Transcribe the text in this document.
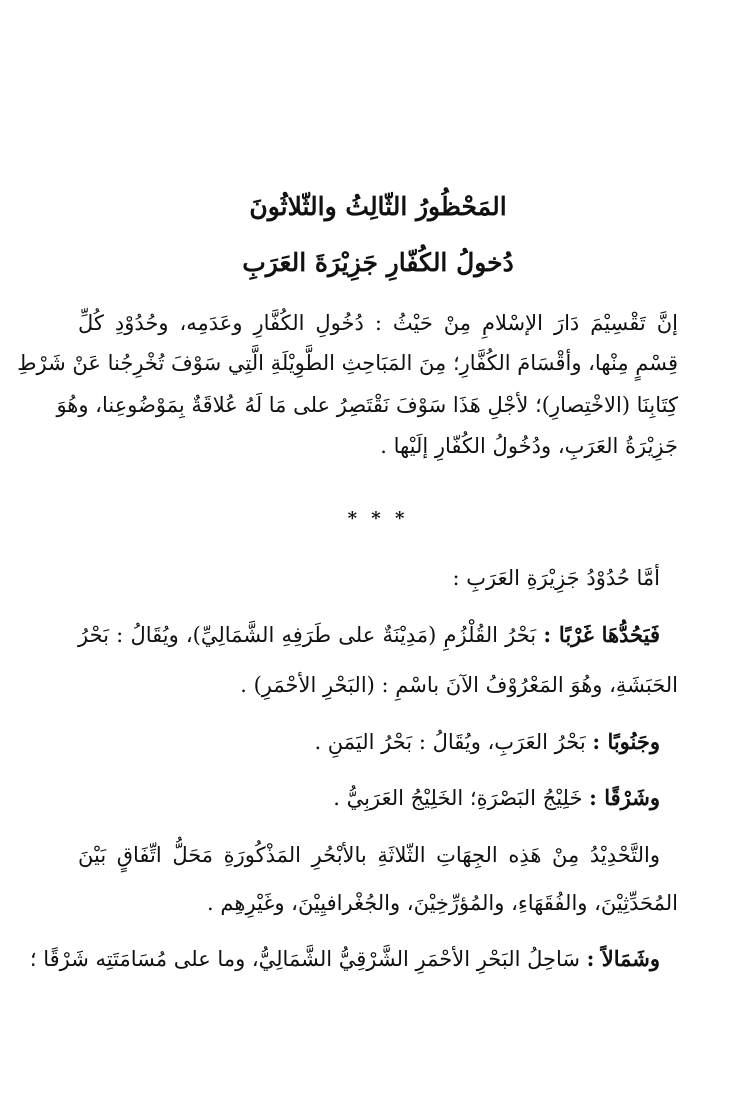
المَحْظُورُ الثّالِثُ والثّلاثُونَ
دُخولُ الكُفّارِ جَزِيْرَةَ العَرَبِ

إنَّ تَقْسِيْمَ دَارَ الإسْلامِ مِنْ حَيْثُ : دُخُولِ الكُفَّارِ وعَدَمِه، وحُدُوْدِ كُلِّ

قِسْمٍ مِنْها، وأقْسَامَ الكُفَّارِ؛ مِنَ المَبَاحِثِ الطَّوِيْلَةِ الَّتِي سَوْفَ تُخْرِجُنا عَنْ شَرْطِ

كِتَابِنَا (الاخْتِصارِ)؛ لأجْلِ هَذَا سَوْفَ نَقْتَصِرُ على مَا لَهُ عُلاقَةٌ بِمَوْضُوعِنا، وهُوَ

جَزِيْرَةُ العَرَبِ، ودُخُولُ الكُفّارِ إلَيْها .

* * *

أمَّا حُدُوْدُ جَزِيْرَةِ العَرَبِ :

فَيَحُدُّهَا غَرْبًا : بَحْرُ القُلْزُمِ (مَدِيْنَةٌ على طَرَفِهِ الشَّمَالِيِّ)، ويُقَالُ : بَحْرُ

الحَبَشَةِ، وهُوَ المَعْرُوْفُ الآنَ باسْمِ : (البَحْرِ الأحْمَرِ) .

وجَنُوبًا : بَحْرُ العَرَبِ، ويُقَالُ : بَحْرُ اليَمَنِ .

وشَرْقًا : خَلِيْجُ البَصْرَةِ؛ الخَلِيْجُ العَرَبِيُّ .

والتَّحْدِيْدُ مِنْ هَذِه الجِهَاتِ الثّلاثَةِ بالأبْحُرِ المَذْكُورَةِ مَحَلُّ اتِّفَاقٍ بَيْنَ

المُحَدِّثِيْنَ، والفُقَهَاءِ، والمُؤرِّخِيْنَ، والجُغْرافيِيْنَ، وغَيْرِهِم .

وشَمَالاً : سَاحِلُ البَحْرِ الأحْمَرِ الشَّرْقِيُّ الشَّمَالِيُّ، وما على مُسَامَتَتِه شَرْقًا ؛
